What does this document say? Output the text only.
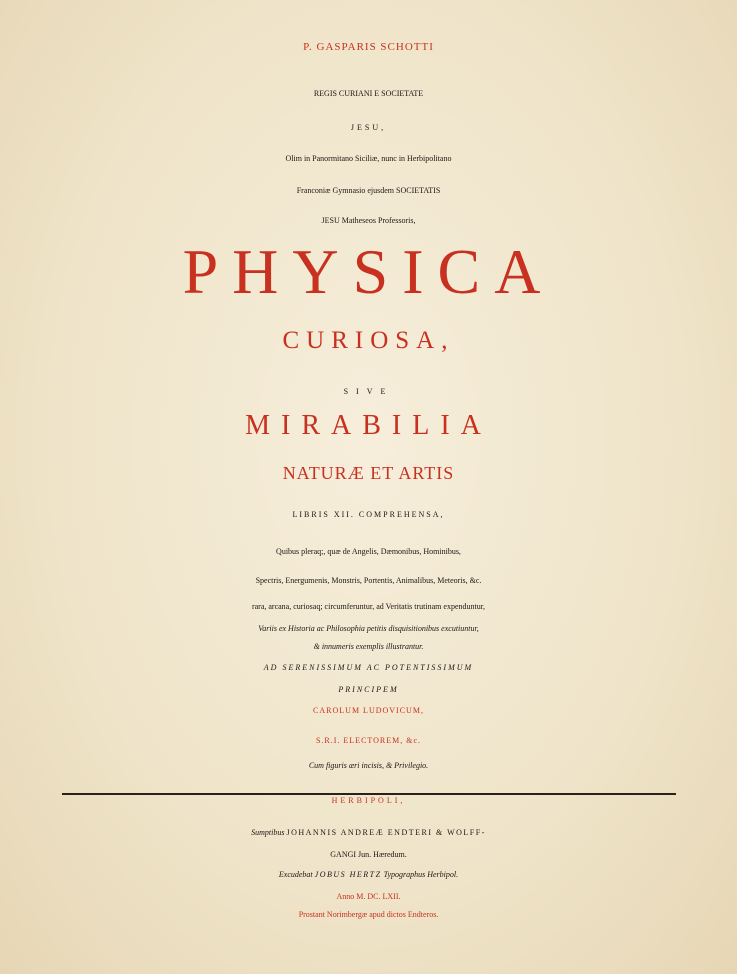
P. GASPARIS SCHOTTI
REGIS CURIANI E SOCIETATE
JESU,
Olim in Panormitano Siciliæ, nunc in Herbipolitano
Franconiæ Gymnasio ejusdem SOCIETATIS
JESU Matheseos Professoris,
PHYSICA
CURIOSA,
SIVE
MIRABILIA
NATURÆ ET ARTIS
LIBRIS XII. COMPREHENSA,
Quibus pleraq;, quæ de Angelis, Dæmonibus, Hominibus,
Spectris, Energumenis, Monstris, Portentis, Animalibus, Meteoris, &c.
rara, arcana, curiosaq; circumferuntur, ad Veritatis trutinam expenduntur,
Variis ex Historia ac Philosophia petitis disquisitionibus excutiuntur,
& innumeris exemplis illustrantur.
AD SERENISSIMUM AC POTENTISSIMUM
PRINCIPEM
CAROLUM LUDOVICUM,
S.R.I. ELECTOREM, &c.
Cum figuris æri incisis, & Privilegio.
HERBIPOLI,
Sumptibus JOHANNIS ANDREÆ ENDTERI & WOLFF-
GANGI Jun. Hæredum.
Excudebat JOBUS HERTZ Typographus Herbipol.
Anno M. DC. LXII.
Prostant Norimbergæ apud dictos Endteros.
